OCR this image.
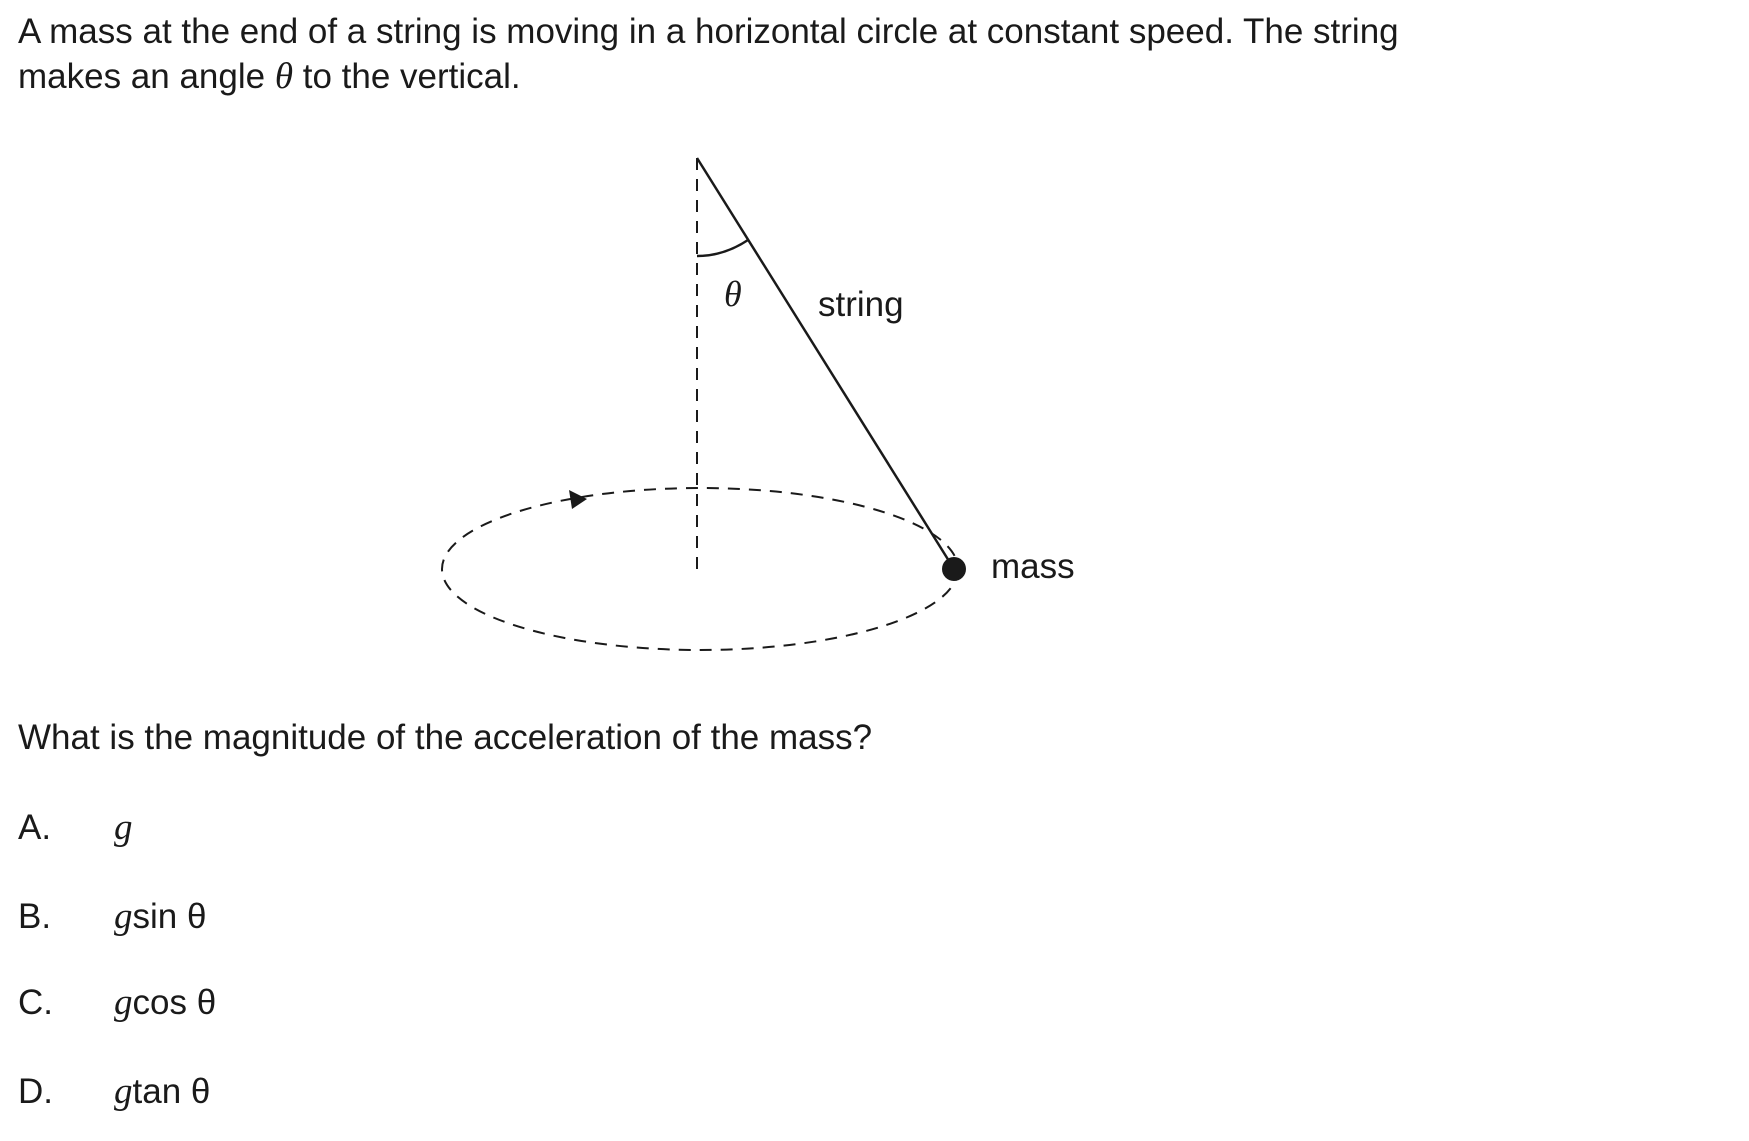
A mass at the end of a string is moving in a horizontal circle at constant speed. The string
makes an angle θ to the vertical.
θ string
mass
What is the magnitude of the acceleration of the mass?
A. g
B. gsin θ
C. gcos θ
D. gtan θ
